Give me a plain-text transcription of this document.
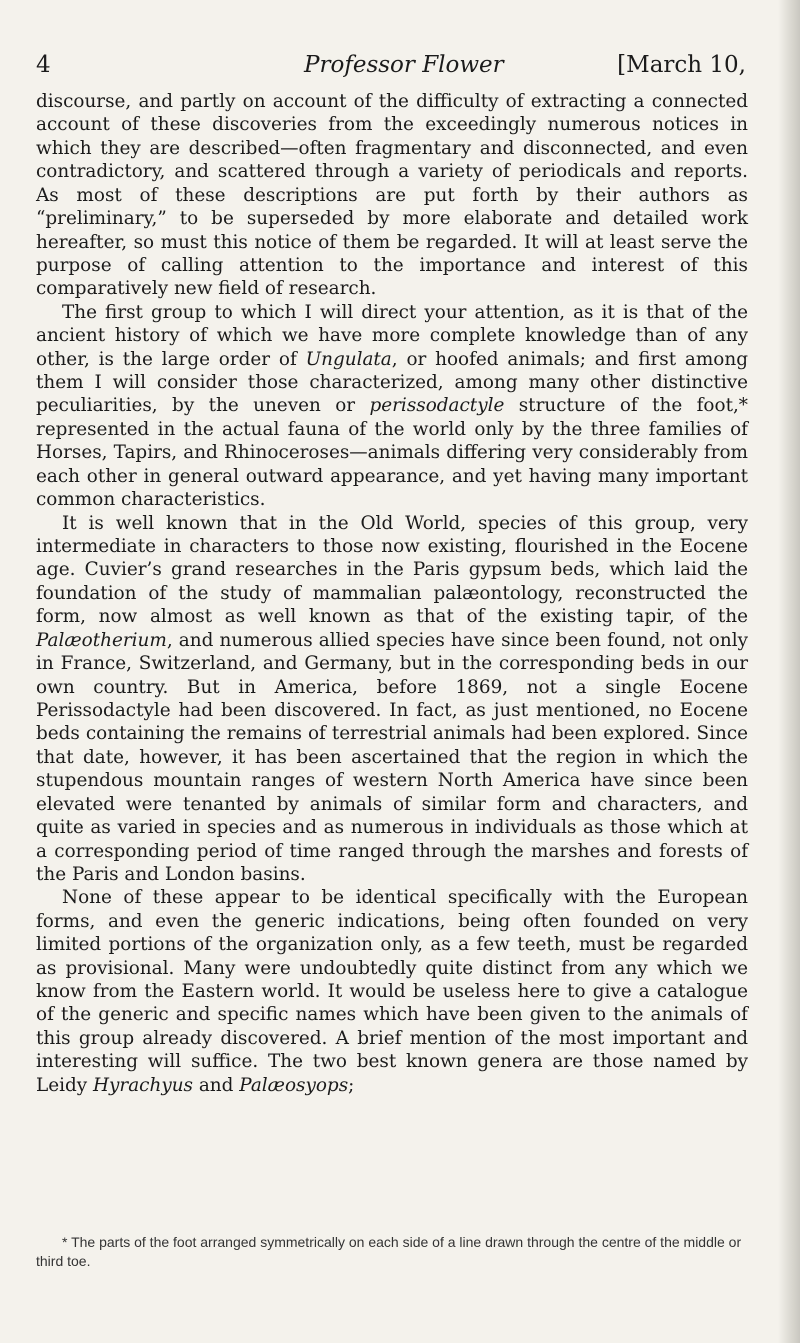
4	Professor Flower	[March 10,

discourse, and partly on account of the difficulty of extracting a connected account of these discoveries from the exceedingly numerous notices in which they are described—often fragmentary and disconnected, and even contradictory, and scattered through a variety of periodicals and reports. As most of these descriptions are put forth by their authors as “preliminary,” to be superseded by more elaborate and detailed work hereafter, so must this notice of them be regarded. It will at least serve the purpose of calling attention to the importance and interest of this comparatively new field of research.

The first group to which I will direct your attention, as it is that of the ancient history of which we have more complete knowledge than of any other, is the large order of Ungulata, or hoofed animals; and first among them I will consider those characterized, among many other distinctive peculiarities, by the uneven or perissodactyle structure of the foot,* represented in the actual fauna of the world only by the three families of Horses, Tapirs, and Rhinoceroses—animals differing very considerably from each other in general outward appearance, and yet having many important common characteristics.

It is well known that in the Old World, species of this group, very intermediate in characters to those now existing, flourished in the Eocene age. Cuvier’s grand researches in the Paris gypsum beds, which laid the foundation of the study of mammalian palæontology, reconstructed the form, now almost as well known as that of the existing tapir, of the Palæotherium, and numerous allied species have since been found, not only in France, Switzerland, and Germany, but in the corresponding beds in our own country. But in America, before 1869, not a single Eocene Perissodactyle had been discovered. In fact, as just mentioned, no Eocene beds containing the remains of terrestrial animals had been explored. Since that date, however, it has been ascertained that the region in which the stupendous mountain ranges of western North America have since been elevated were tenanted by animals of similar form and characters, and quite as varied in species and as numerous in individuals as those which at a corresponding period of time ranged through the marshes and forests of the Paris and London basins.

None of these appear to be identical specifically with the European forms, and even the generic indications, being often founded on very limited portions of the organization only, as a few teeth, must be regarded as provisional. Many were undoubtedly quite distinct from any which we know from the Eastern world. It would be useless here to give a catalogue of the generic and specific names which have been given to the animals of this group already discovered. A brief mention of the most important and interesting will suffice. The two best known genera are those named by Leidy Hyrachyus and Palæosyops;

* The parts of the foot arranged symmetrically on each side of a line drawn through the centre of the middle or third toe.
